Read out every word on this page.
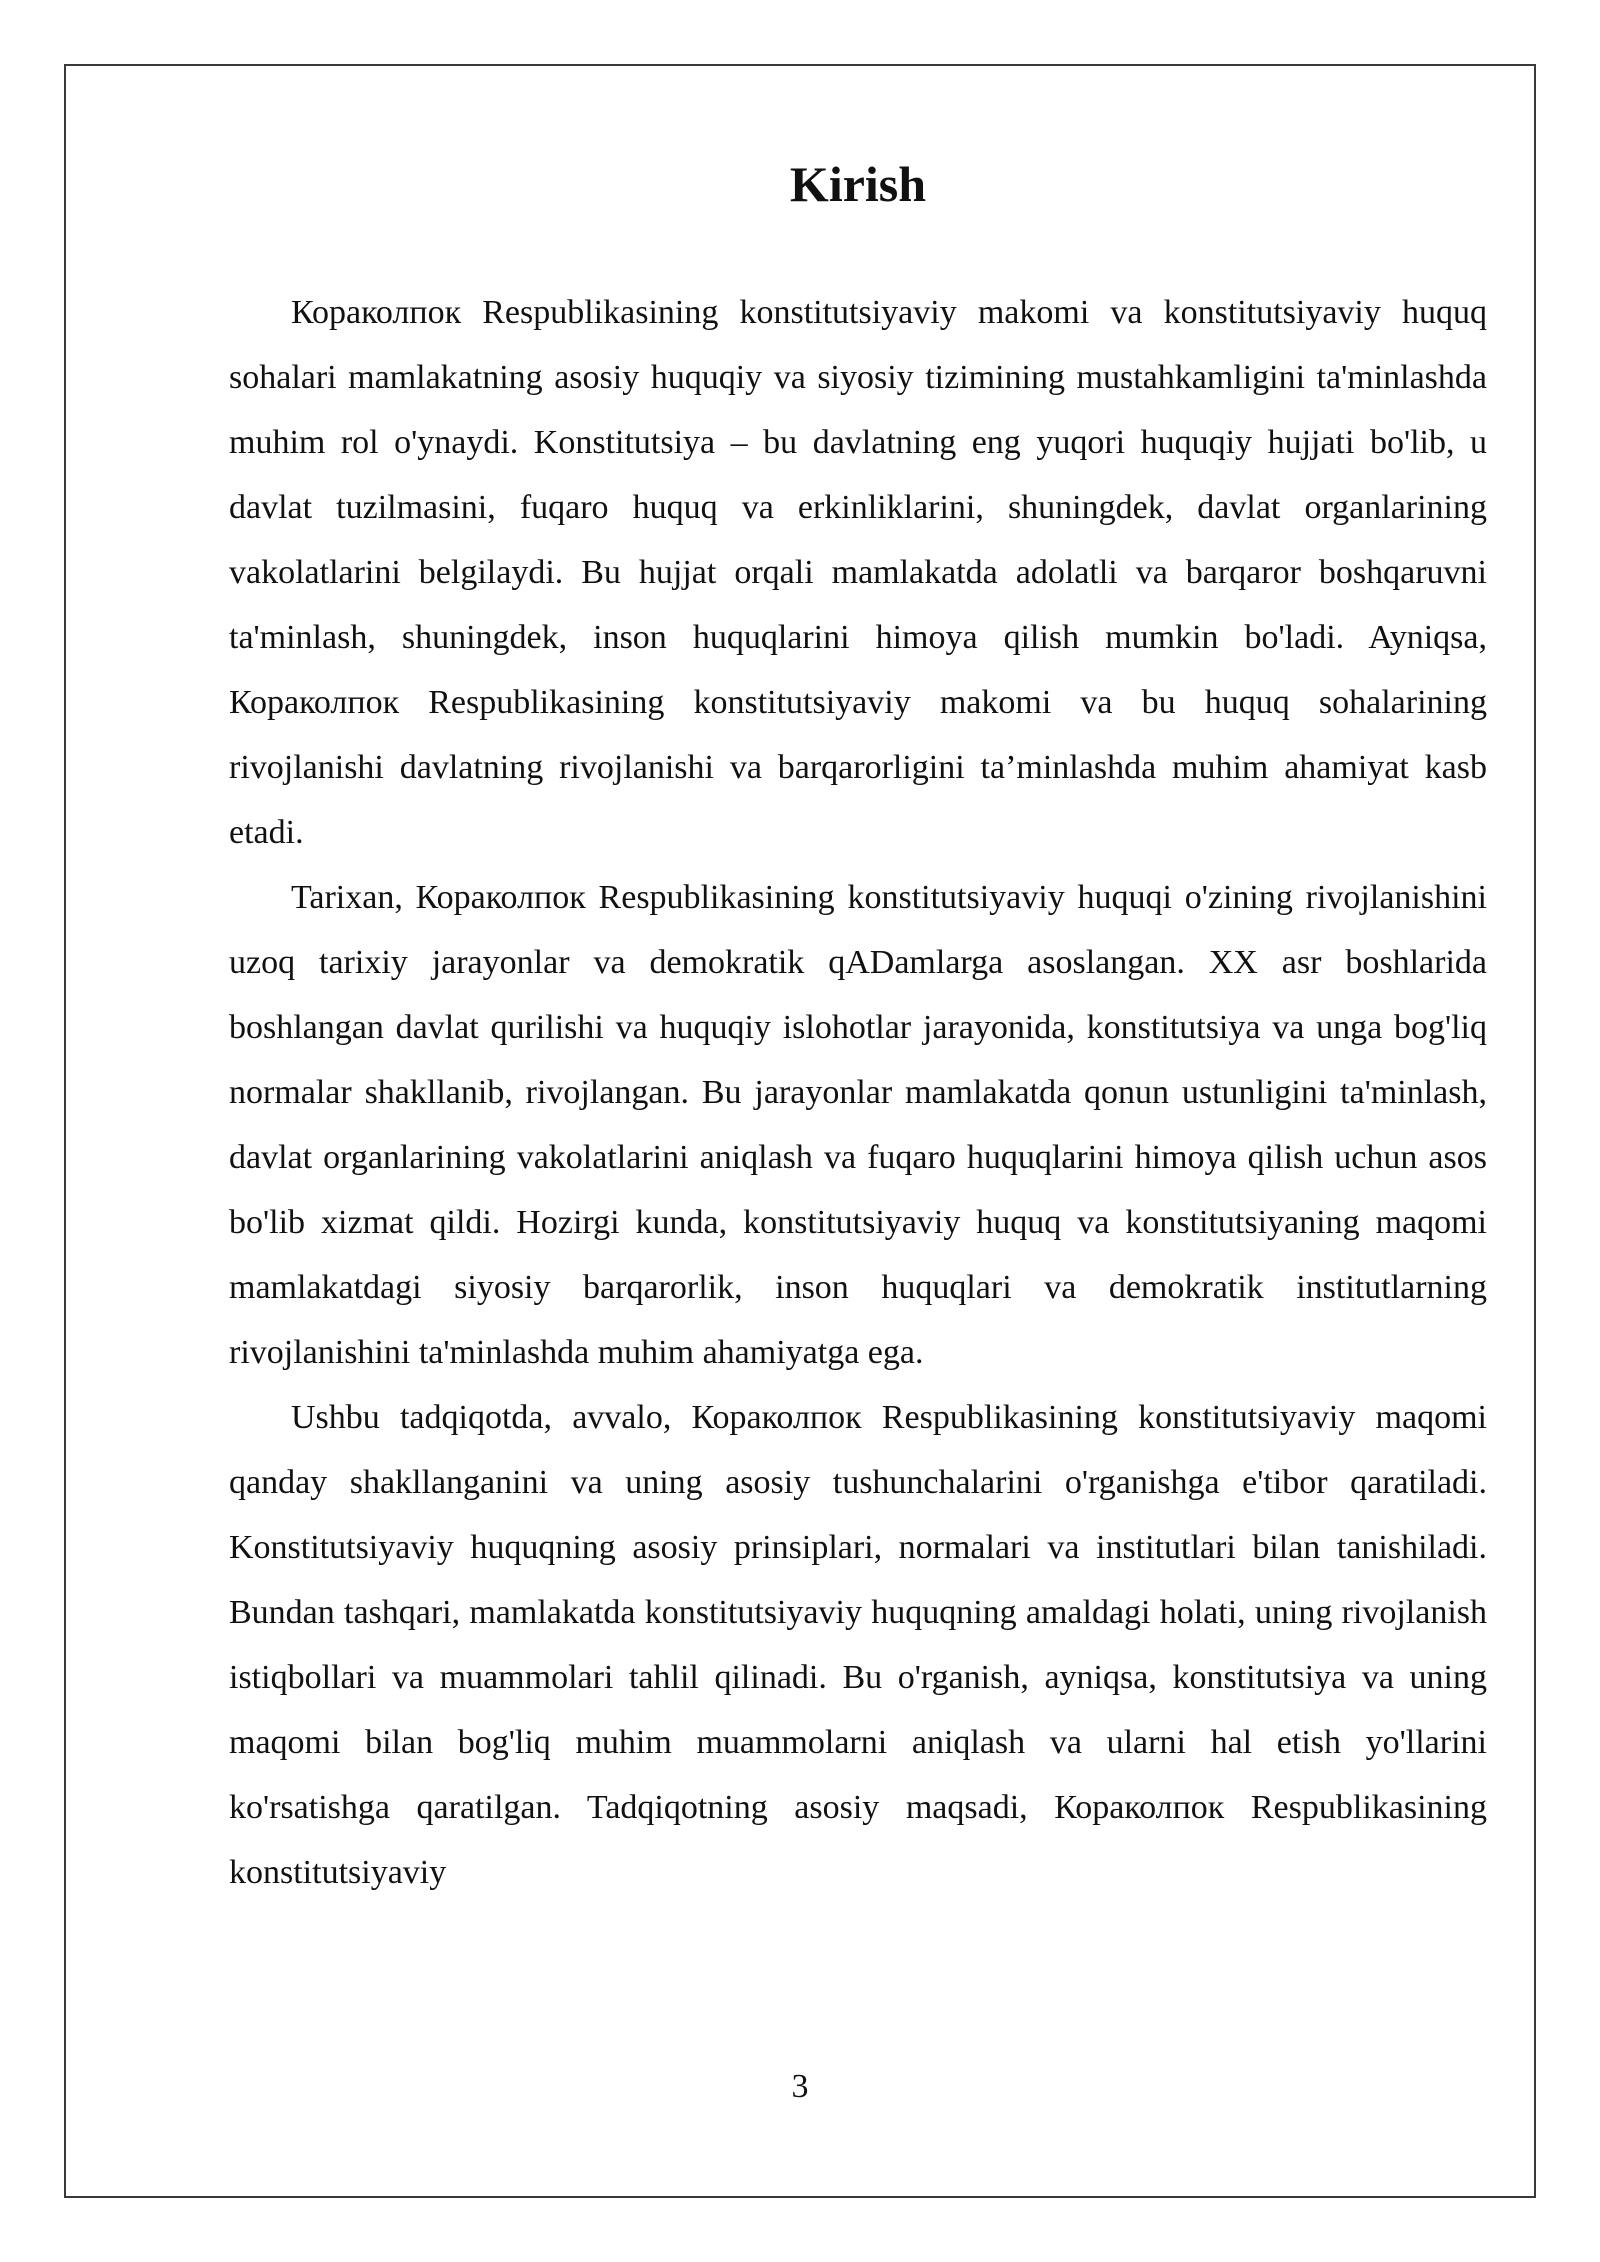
Kirish

Кораколпок Respublikasining konstitutsiyaviy makomi va konstitutsiyaviy huquq sohalari mamlakatning asosiy huquqiy va siyosiy tizimining mustahkamligini ta'minlashda muhim rol o'ynaydi. Konstitutsiya – bu davlatning eng yuqori huquqiy hujjati bo'lib, u davlat tuzilmasini, fuqaro huquq va erkinliklarini, shuningdek, davlat organlarining vakolatlarini belgilaydi. Bu hujjat orqali mamlakatda adolatli va barqaror boshqaruvni ta'minlash, shuningdek, inson huquqlarini himoya qilish mumkin bo'ladi. Ayniqsa, Кораколпок Respublikasining konstitutsiyaviy makomi va bu huquq sohalarining rivojlanishi davlatning rivojlanishi va barqarorligini ta’minlashda muhim ahamiyat kasb etadi.

Tarixan, Кораколпок Respublikasining konstitutsiyaviy huquqi o'zining rivojlanishini uzoq tarixiy jarayonlar va demokratik qADamlarga asoslangan. XX asr boshlarida boshlangan davlat qurilishi va huquqiy islohotlar jarayonida, konstitutsiya va unga bog'liq normalar shakllanib, rivojlangan. Bu jarayonlar mamlakatda qonun ustunligini ta'minlash, davlat organlarining vakolatlarini aniqlash va fuqaro huquqlarini himoya qilish uchun asos bo'lib xizmat qildi. Hozirgi kunda, konstitutsiyaviy huquq va konstitutsiyaning maqomi mamlakatdagi siyosiy barqarorlik, inson huquqlari va demokratik institutlarning rivojlanishini ta'minlashda muhim ahamiyatga ega.

Ushbu tadqiqotda, avvalo, Кораколпок Respublikasining konstitutsiyaviy maqomi qanday shakllanganini va uning asosiy tushunchalarini o'rganishga e'tibor qaratiladi. Konstitutsiyaviy huquqning asosiy prinsiplari, normalari va institutlari bilan tanishiladi. Bundan tashqari, mamlakatda konstitutsiyaviy huquqning amaldagi holati, uning rivojlanish istiqbollari va muammolari tahlil qilinadi. Bu o'rganish, ayniqsa, konstitutsiya va uning maqomi bilan bog'liq muhim muammolarni aniqlash va ularni hal etish yo'llarini ko'rsatishga qaratilgan. Tadqiqotning asosiy maqsadi, Кораколпок Respublikasining konstitutsiyaviy

3
